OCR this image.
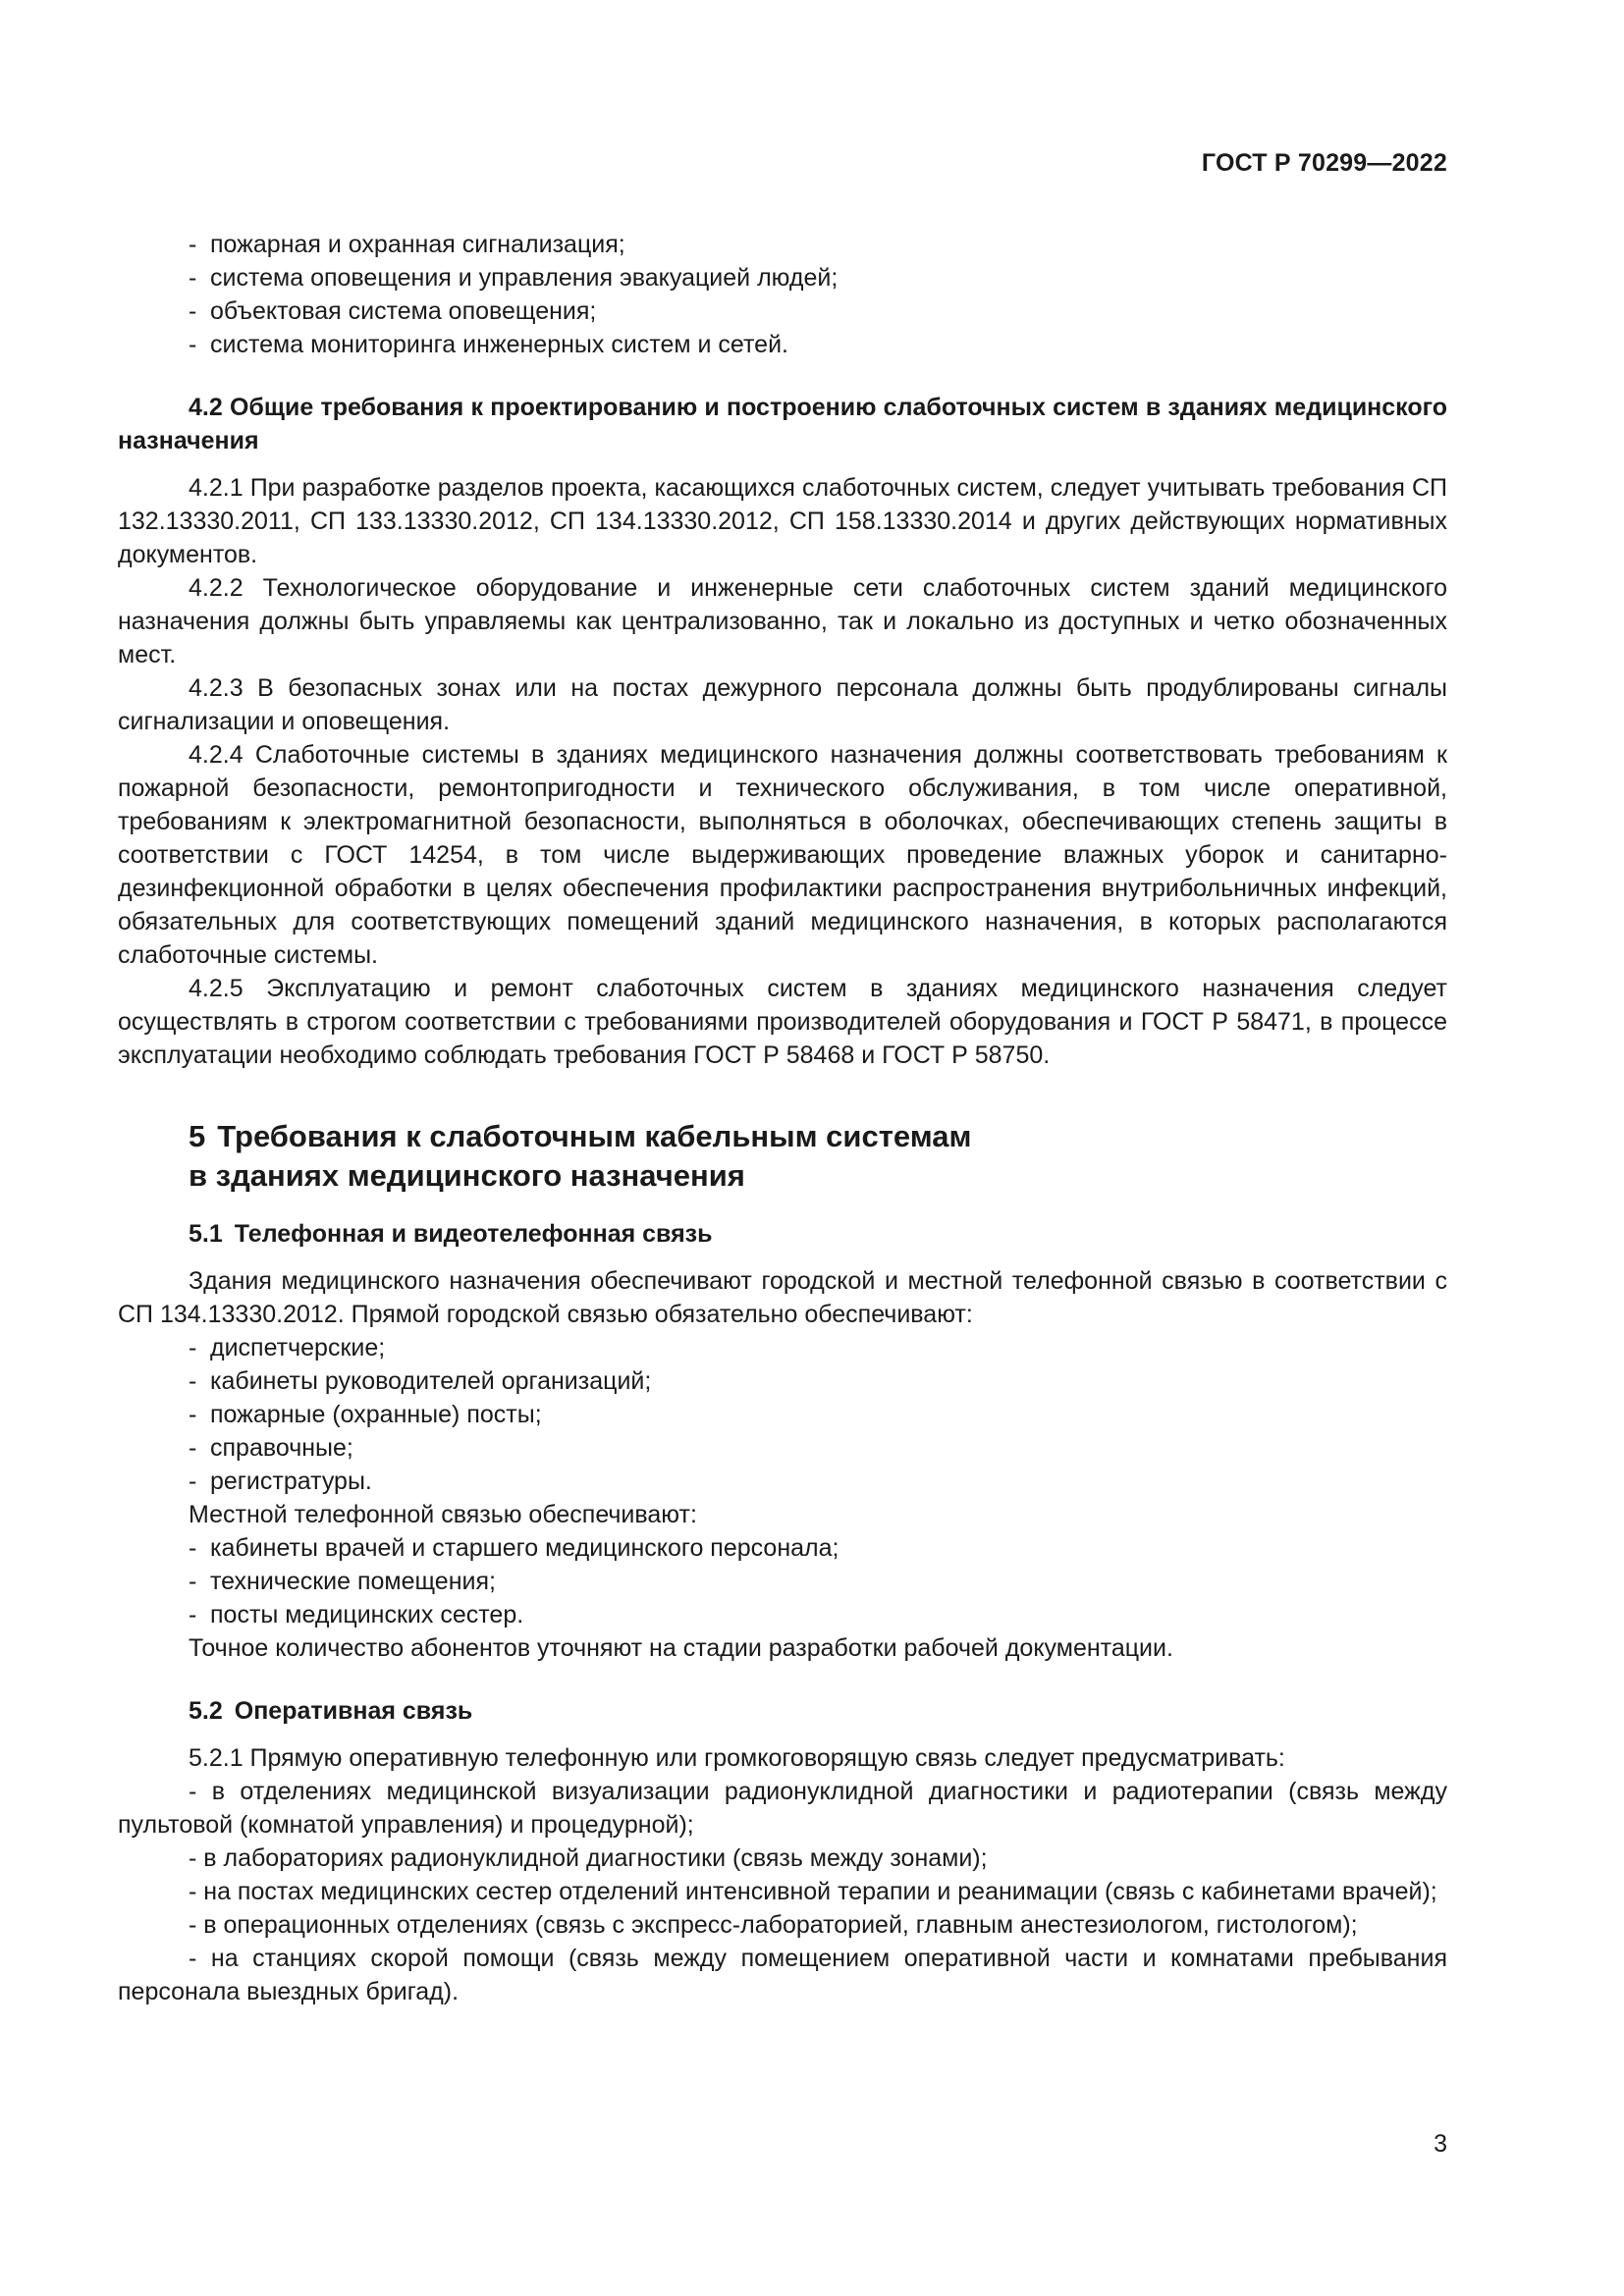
ГОСТ Р 70299—2022
- пожарная и охранная сигнализация;
- система оповещения и управления эвакуацией людей;
- объектовая система оповещения;
- система мониторинга инженерных систем и сетей.

4.2 Общие требования к проектированию и построению слаботочных систем в зданиях медицинского назначения

4.2.1 При разработке разделов проекта, касающихся слаботочных систем, следует учитывать требования СП 132.13330.2011, СП 133.13330.2012, СП 134.13330.2012, СП 158.13330.2014 и других действующих нормативных документов.

4.2.2 Технологическое оборудование и инженерные сети слаботочных систем зданий медицинского назначения должны быть управляемы как централизованно, так и локально из доступных и четко обозначенных мест.

4.2.3 В безопасных зонах или на постах дежурного персонала должны быть продублированы сигналы сигнализации и оповещения.

4.2.4 Слаботочные системы в зданиях медицинского назначения должны соответствовать требованиям к пожарной безопасности, ремонтопригодности и технического обслуживания, в том числе оперативной, требованиям к электромагнитной безопасности, выполняться в оболочках, обеспечивающих степень защиты в соответствии с ГОСТ 14254, в том числе выдерживающих проведение влажных уборок и санитарно-дезинфекционной обработки в целях обеспечения профилактики распространения внутрибольничных инфекций, обязательных для соответствующих помещений зданий медицинского назначения, в которых располагаются слаботочные системы.

4.2.5 Эксплуатацию и ремонт слаботочных систем в зданиях медицинского назначения следует осуществлять в строгом соответствии с требованиями производителей оборудования и ГОСТ Р 58471, в процессе эксплуатации необходимо соблюдать требования ГОСТ Р 58468 и ГОСТ Р 58750.

5 Требования к слаботочным кабельным системам
в зданиях медицинского назначения

5.1 Телефонная и видеотелефонная связь

Здания медицинского назначения обеспечивают городской и местной телефонной связью в соответствии с СП 134.13330.2012. Прямой городской связью обязательно обеспечивают:

- диспетчерские;
- кабинеты руководителей организаций;
- пожарные (охранные) посты;
- справочные;
- регистратуры.

Местной телефонной связью обеспечивают:

- кабинеты врачей и старшего медицинского персонала;
- технические помещения;
- посты медицинских сестер.

Точное количество абонентов уточняют на стадии разработки рабочей документации.

5.2 Оперативная связь

5.2.1 Прямую оперативную телефонную или громкоговорящую связь следует предусматривать:

- в отделениях медицинской визуализации радионуклидной диагностики и радиотерапии (связь между пультовой (комнатой управления) и процедурной);

- в лабораториях радионуклидной диагностики (связь между зонами);

- на постах медицинских сестер отделений интенсивной терапии и реанимации (связь с кабинетами врачей);

- в операционных отделениях (связь с экспресс-лабораторией, главным анестезиологом, гистологом);

- на станциях скорой помощи (связь между помещением оперативной части и комнатами пребывания персонала выездных бригад).

3
